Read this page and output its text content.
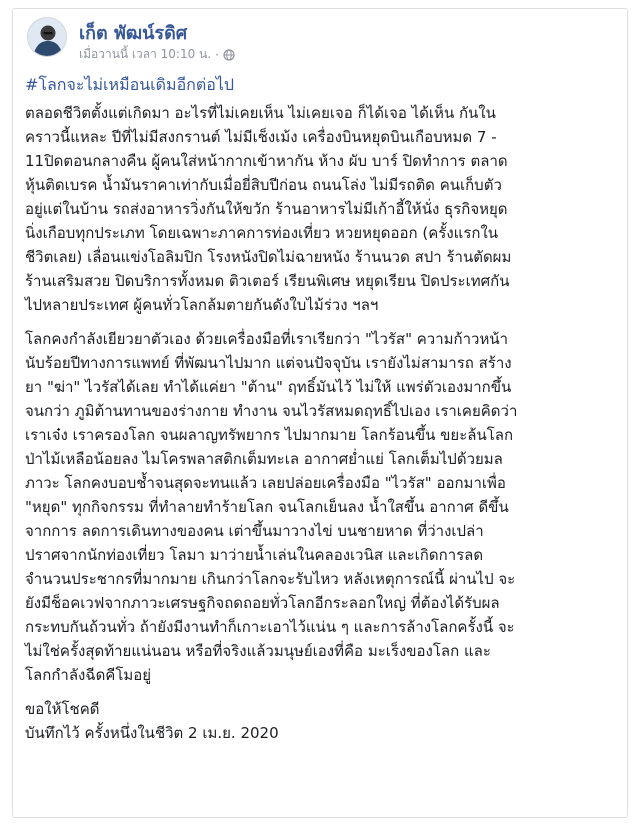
เก็ต พัฒน์รดิศ
เมื่อวานนี้ เวลา 10:10 น. ·
#โลกจะไม่เหมือนเดิมอีกต่อไป
ตลอดชีวิตตั้งแต่เกิดมา อะไรที่ไม่เคยเห็น ไม่เคยเจอ ก็ได้เจอ ได้เห็น กันใน
คราวนี้แหละ ปีที่ไม่มีสงกรานต์ ไม่มีเช็งเม้ง เครื่องบินหยุดบินเกือบหมด 7 -
11ปิดตอนกลางคืน ผู้คนใส่หน้ากากเข้าหากัน ห้าง ผับ บาร์ ปิดทำการ ตลาด
หุ้นติดเบรค น้ำมันราคาเท่ากับเมื่อยี่สิบปีก่อน ถนนโล่ง ไม่มีรถติด คนเก็บตัว
อยู่แต่ในบ้าน รถส่งอาหารวิ่งกันให้ขวัก ร้านอาหารไม่มีเก้าอี้ให้นั่ง ธุรกิจหยุด
นิ่งเกือบทุกประเภท โดยเฉพาะภาคการท่องเที่ยว หวยหยุดออก (ครั้งแรกใน
ชีวิตเลย) เลื่อนแข่งโอลิมปิก โรงหนังปิดไม่ฉายหนัง ร้านนวด สปา ร้านตัดผม
ร้านเสริมสวย ปิดบริการทั้งหมด ติวเตอร์ เรียนพิเศษ หยุดเรียน ปิดประเทศกัน
ไปหลายประเทศ ผู้คนทั่วโลกล้มตายกันดังใบไม้ร่วง ฯลฯ
โลกคงกำลังเยียวยาตัวเอง ด้วยเครื่องมือที่เราเรียกว่า "ไวรัส" ความก้าวหน้า
นับร้อยปีทางการแพทย์ ที่พัฒนาไปมาก แต่จนปัจจุบัน เรายังไม่สามารถ สร้าง
ยา "ฆ่า" ไวรัสได้เลย ทำได้แค่ยา "ต้าน" ฤทธิ์มันไว้ ไม่ให้ แพร่ตัวเองมากขึ้น
จนกว่า ภูมิต้านทานของร่างกาย ทำงาน จนไวรัสหมดฤทธิ์ไปเอง เราเคยคิดว่า
เราเจ๋ง เราครองโลก จนผลาญทรัพยากร ไปมากมาย โลกร้อนขึ้น ขยะล้นโลก
ป่าไม้เหลือน้อยลง ไมโครพลาสติกเต็มทะเล อากาศย่ำแย่ โลกเต็มไปด้วยมล
ภาวะ โลกคงบอบช้ำจนสุดจะทนแล้ว เลยปล่อยเครื่องมือ "ไวรัส" ออกมาเพื่อ
"หยุด" ทุกกิจกรรม ที่ทำลายทำร้ายโลก จนโลกเย็นลง น้ำใสขึ้น อากาศ ดีขึ้น
จากการ ลดการเดินทางของคน เต่าขึ้นมาวางไข่ บนชายหาด ที่ว่างเปล่า
ปราศจากนักท่องเที่ยว โลมา มาว่ายน้ำเล่นในคลองเวนิส และเกิดการลด
จำนวนประชากรที่มากมาย เกินกว่าโลกจะรับไหว หลังเหตุการณ์นี้ ผ่านไป จะ
ยังมีช็อคเวฟจากภาวะเศรษฐกิจถดถอยทั่วโลกอีกระลอกใหญ่ ที่ต้องได้รับผล
กระทบกันถ้วนทั่ว ถ้ายังมีงานทำก็เกาะเอาไว้แน่น ๆ และการล้างโลกครั้งนี้ จะ
ไม่ใช่ครั้งสุดท้ายแน่นอน หรือที่จริงแล้วมนุษย์เองที่คือ มะเร็งของโลก และ
โลกกำลังฉีดคีโมอยู่
ขอให้โชคดี
บันทึกไว้ ครั้งหนึ่งในชีวิต 2 เม.ย. 2020
